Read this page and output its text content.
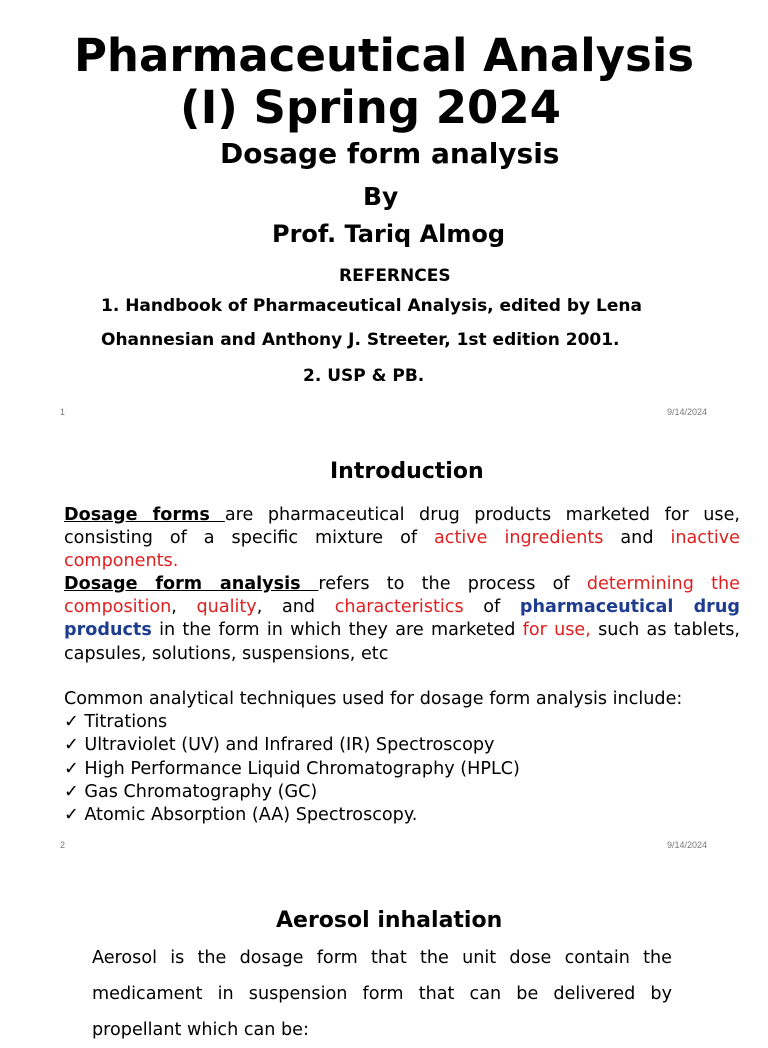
Pharmaceutical Analysis
(I) Spring 2024
Dosage form analysis
By
Prof. Tariq Almog
REFERNCES
1. Handbook of Pharmaceutical Analysis, edited by Lena
Ohannesian and Anthony J. Streeter, 1st edition 2001.
2. USP & PB.
1	9/14/2024
Introduction
Dosage forms are pharmaceutical drug products marketed for use, consisting of a specific mixture of active ingredients and inactive components.
Dosage form analysis refers to the process of determining the composition, quality, and characteristics of pharmaceutical drug products in the form in which they are marketed for use, such as tablets, capsules, solutions, suspensions, etc
Common analytical techniques used for dosage form analysis include:
✓ Titrations
✓ Ultraviolet (UV) and Infrared (IR) Spectroscopy
✓ High Performance Liquid Chromatography (HPLC)
✓ Gas Chromatography (GC)
✓ Atomic Absorption (AA) Spectroscopy.
2	9/14/2024
Aerosol inhalation
Aerosol is the dosage form that the unit dose contain the medicament in suspension form that can be delivered by propellant which can be:
